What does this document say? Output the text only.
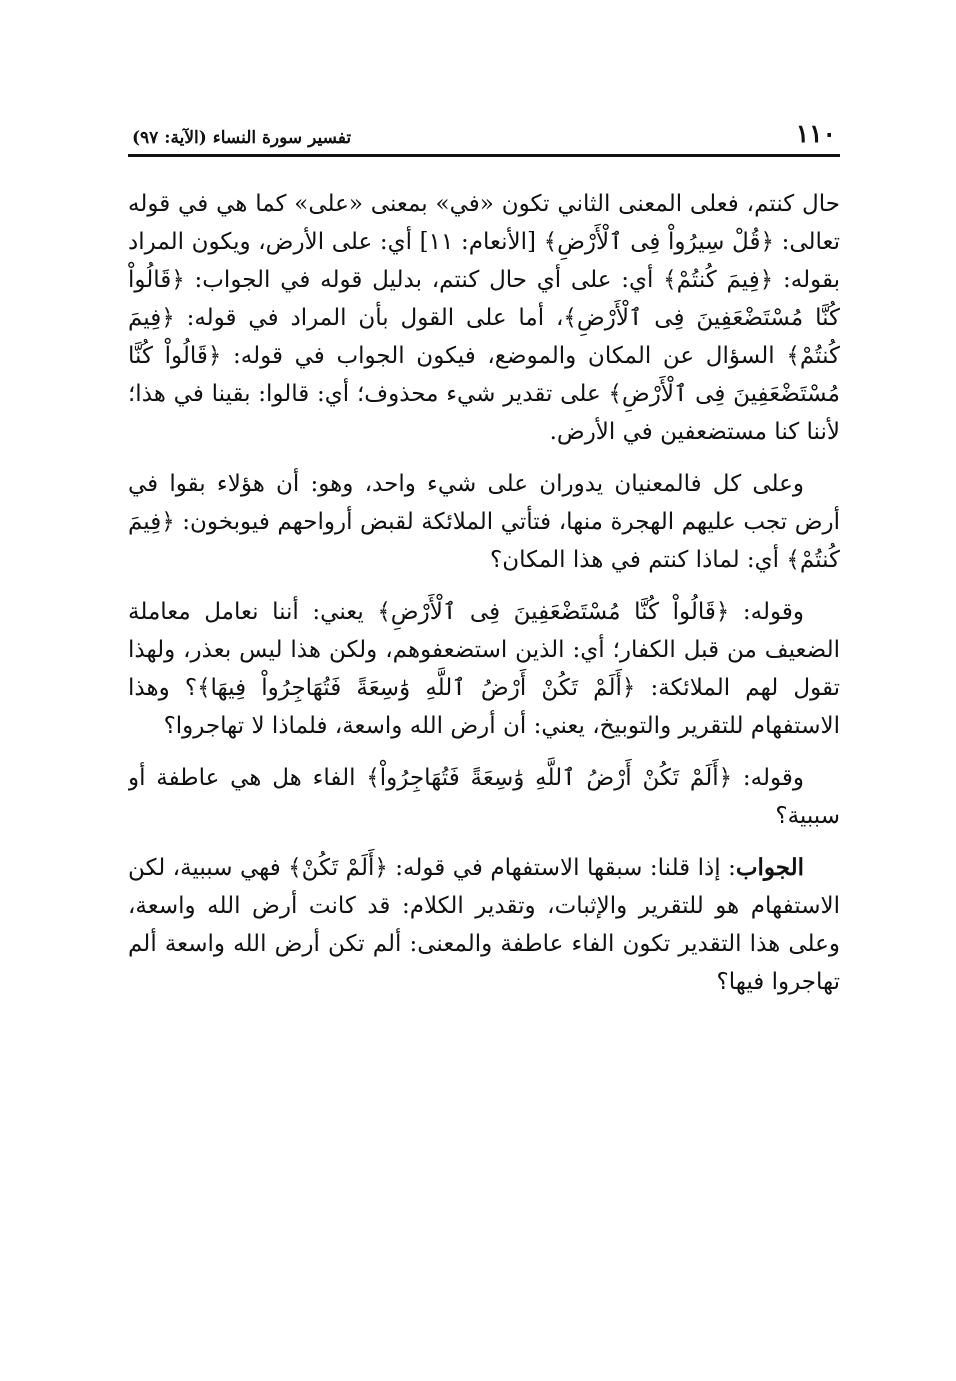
١١٠
تفسير سورة النساء (الآية: ٩٧)

حال كنتم، فعلى المعنى الثاني تكون «في» بمعنى «على» كما هي في قوله تعالى: ﴿قُلْ سِيرُواْ فِى ٱلْأَرْضِ﴾ [الأنعام: ١١] أي: على الأرض، ويكون المراد بقوله: ﴿فِيمَ كُنتُمْ﴾ أي: على أي حال كنتم، بدليل قوله في الجواب: ﴿قَالُواْ كُنَّا مُسْتَضْعَفِينَ فِى ٱلْأَرْضِ﴾، أما على القول بأن المراد في قوله: ﴿فِيمَ كُنتُمْ﴾ السؤال عن المكان والموضع، فيكون الجواب في قوله: ﴿قَالُواْ كُنَّا مُسْتَضْعَفِينَ فِى ٱلْأَرْضِ﴾ على تقدير شيء محذوف؛ أي: قالوا: بقينا في هذا؛ لأننا كنا مستضعفين في الأرض.

وعلى كل فالمعنيان يدوران على شيء واحد، وهو: أن هؤلاء بقوا في أرض تجب عليهم الهجرة منها، فتأتي الملائكة لقبض أرواحهم فيوبخون: ﴿فِيمَ كُنتُمْ﴾ أي: لماذا كنتم في هذا المكان؟

وقوله: ﴿قَالُواْ كُنَّا مُسْتَضْعَفِينَ فِى ٱلْأَرْضِ﴾ يعني: أننا نعامل معاملة الضعيف من قبل الكفار؛ أي: الذين استضعفوهم، ولكن هذا ليس بعذر، ولهذا تقول لهم الملائكة: ﴿أَلَمْ تَكُنْ أَرْضُ ٱللَّهِ وَٰسِعَةً فَتُهَاجِرُواْ فِيهَا﴾؟ وهذا الاستفهام للتقرير والتوبيخ، يعني: أن أرض الله واسعة، فلماذا لا تهاجروا؟

وقوله: ﴿أَلَمْ تَكُنْ أَرْضُ ٱللَّهِ وَٰسِعَةً فَتُهَاجِرُواْ﴾ الفاء هل هي عاطفة أو سببية؟

الجواب: إذا قلنا: سبقها الاستفهام في قوله: ﴿أَلَمْ تَكُنْ﴾ فهي سببية، لكن الاستفهام هو للتقرير والإثبات، وتقدير الكلام: قد كانت أرض الله واسعة، وعلى هذا التقدير تكون الفاء عاطفة والمعنى: ألم تكن أرض الله واسعة ألم تهاجروا فيها؟
